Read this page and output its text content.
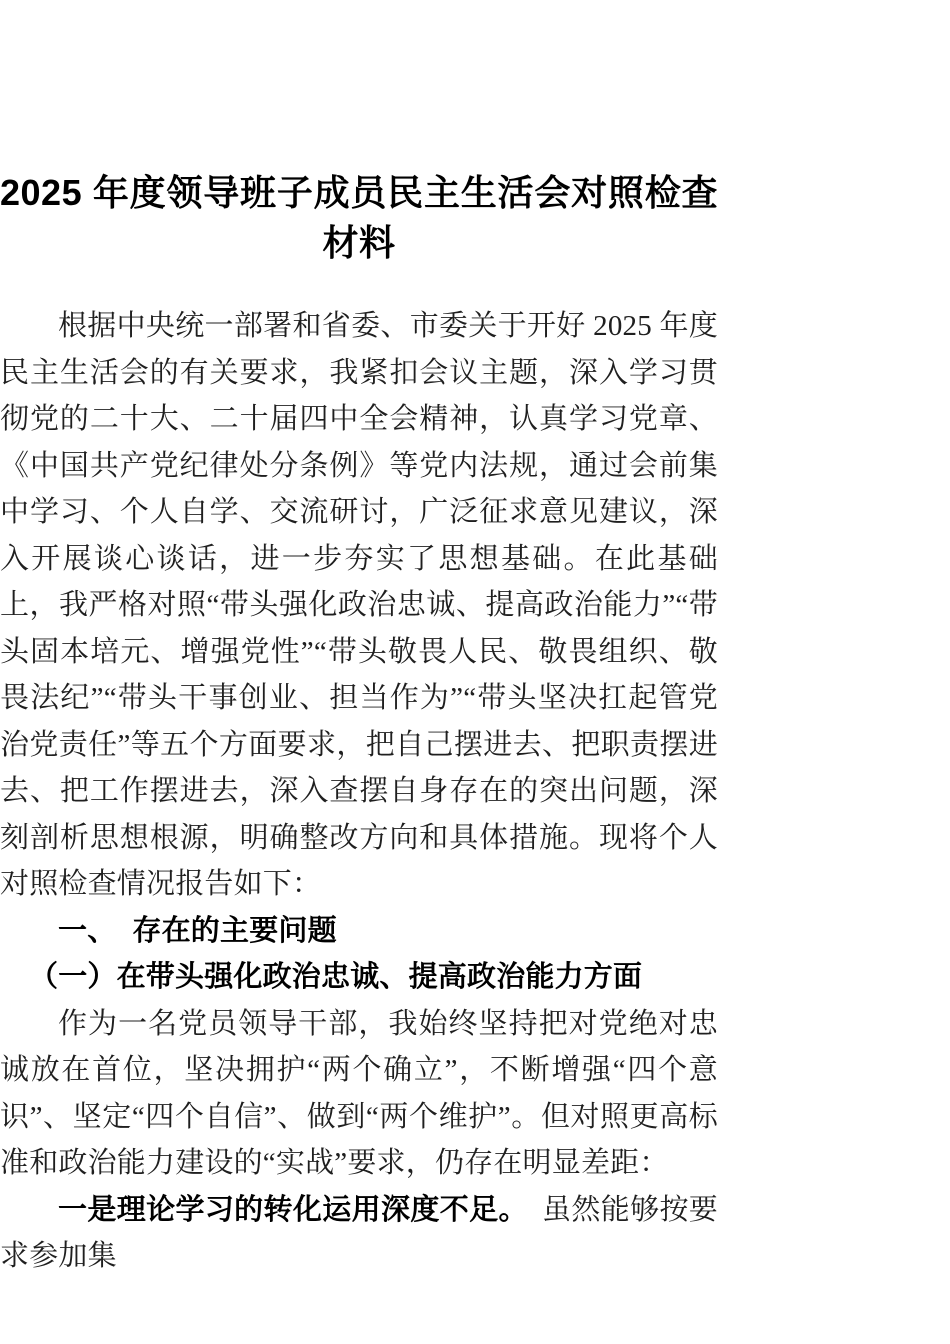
2025 年度领导班子成员民主生活会对照检查
材料

根据中央统一部署和省委、市委关于开好 2025 年度民主生活会的有关要求，我紧扣会议主题，深入学习贯彻党的二十大、二十届四中全会精神，认真学习党章、《中国共产党纪律处分条例》等党内法规，通过会前集中学习、个人自学、交流研讨，广泛征求意见建议，深入开展谈心谈话，进一步夯实了思想基础。在此基础上，我严格对照“带头强化政治忠诚、提高政治能力”“带头固本培元、增强党性”“带头敬畏人民、敬畏组织、敬畏法纪”“带头干事创业、担当作为”“带头坚决扛起管党治党责任”等五个方面要求，把自己摆进去、把职责摆进去、把工作摆进去，深入查摆自身存在的突出问题，深刻剖析思想根源，明确整改方向和具体措施。现将个人对照检查情况报告如下：

一、 存在的主要问题

（一）在带头强化政治忠诚、提高政治能力方面

作为一名党员领导干部，我始终坚持把对党绝对忠诚放在首位，坚决拥护“两个确立”，不断增强“四个意识”、坚定“四个自信”、做到“两个维护”。但对照更高标准和政治能力建设的“实战”要求，仍存在明显差距：

一是理论学习的转化运用深度不足。 虽然能够按要求参加集
